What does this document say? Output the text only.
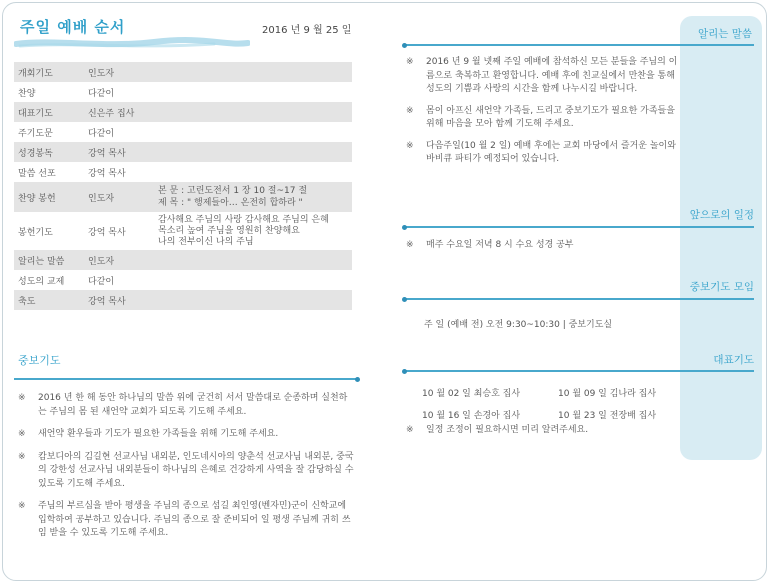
주일 예배 순서	2016 년 9 월 25 일
개회기도	인도자	
찬양	다같이	
대표기도	신은주 집사	
주기도문	다같이	
성경봉독	강억 목사	
말씀 선포	강억 목사	
찬양 봉헌	인도자	본 문 : 고린도전서 1 장 10 절~17 절
제 목 : " 행제들아… 온전히 합하라 "

봉헌기도	강억 목사	감사해요 주님의 사랑 감사해요 주님의 은혜
목소리 높여 주님을 영원히 찬양해요
나의 전부이신 나의 주님

알리는 말씀	인도자	
성도의 교제	다같이	
축도	강억 목사	
중보기도
※ 2016 년 한 해 동안 하나님의 말씀 위에 굳건히 서서 말씀대로 순종하며 실천하는 주님의 몸 된 새언약 교회가 되도록 기도해 주세요.
※ 새언약 환우들과 기도가 필요한 가족들을 위해 기도해 주세요.
※ 캄보디아의 김길현 선교사님 내외분, 인도네시아의 양춘석 선교사님 내외분, 중국의 강한성 선교사님 내외분들이 하나님의 은혜로 건강하게 사역을 잘 감당하실 수 있도록 기도해 주세요.
※ 주님의 부르심을 받아 평생을 주님의 종으로 섬길 최인영(벤자민)군이 신학교에 입학하여 공부하고 있습니다. 주님의 종으로 잘 준비되어 일 평생 주님께 귀히 쓰임 받을 수 있도록 기도해 주세요.
알리는 말씀
※ 2016 년 9 월 넷째 주일 예배에 참석하신 모든 분들을 주님의 이름으로 축복하고 환영합니다. 예배 후에 친교실에서 만찬을 통해 성도의 기쁨과 사랑의 시간을 함께 나누시길 바랍니다.
※ 몸이 아프신 새언약 가족들, 드리고 중보기도가 필요한 가족들을 위해 마음을 모아 함께 기도해 주세요.
※ 다음주일(10 월 2 일) 예배 후에는 교회 마당에서 즐거운 놀이와 바비큐 파티가 예정되어 있습니다.
앞으로의 일정
※ 매주 수요일 저녁 8 시 수요 성경 공부
중보기도 모임
주 일 (예배 전) 오전 9:30~10:30 | 중보기도실
대표기도
10 월 02 일 최승호 집사	10 월 09 일 김나라 집사
10 월 16 일 손경아 집사	10 월 23 일 전장배 집사
※ 일정 조정이 필요하시면 미리 알려주세요.
